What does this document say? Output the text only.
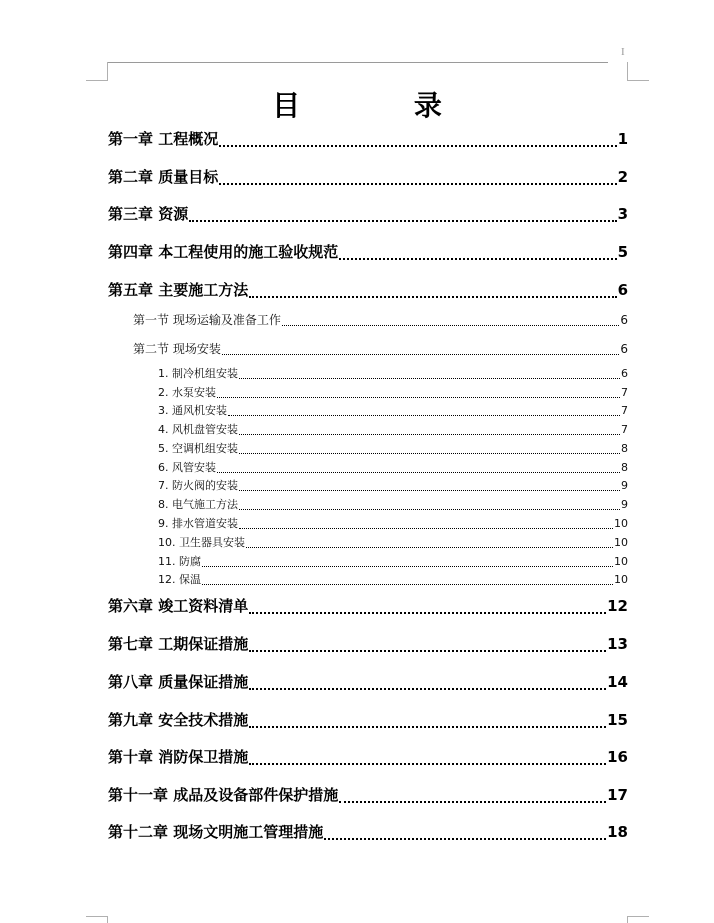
I
目 录
第一章 工程概况	1
第二章 质量目标	2
第三章 资源	3
第四章 本工程使用的施工验收规范	5
第五章 主要施工方法	6
第一节 现场运输及准备工作	6
第二节 现场安装	6
1. 制冷机组安装	6
2. 水泵安装	7
3. 通风机安装	7
4. 风机盘管安装	7
5. 空调机组安装	8
6. 风管安装	8
7. 防火阀的安装	9
8. 电气施工方法	9
9. 排水管道安装	10
10. 卫生器具安装	10
11. 防腐	10
12. 保温	10
第六章 竣工资料清单	12
第七章 工期保证措施	13
第八章 质量保证措施	14
第九章 安全技术措施	15
第十章 消防保卫措施	16
第十一章 成品及设备部件保护措施	17
第十二章 现场文明施工管理措施	18
